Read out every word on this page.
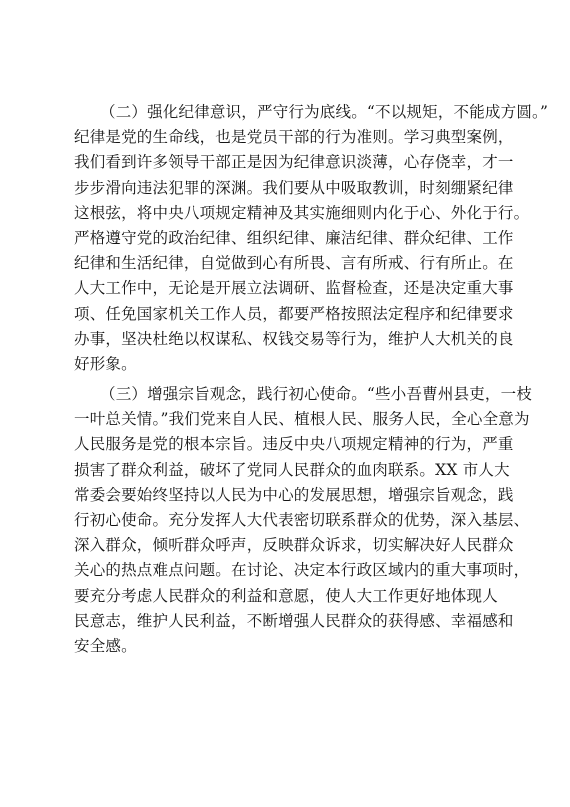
（二）强化纪律意识，严守行为底线。“不以规矩，不能成方圆。”
纪律是党的生命线，也是党员干部的行为准则。学习典型案例，
我们看到许多领导干部正是因为纪律意识淡薄，心存侥幸，才一
步步滑向违法犯罪的深渊。我们要从中吸取教训，时刻绷紧纪律
这根弦，将中央八项规定精神及其实施细则内化于心、外化于行。
严格遵守党的政治纪律、组织纪律、廉洁纪律、群众纪律、工作
纪律和生活纪律，自觉做到心有所畏、言有所戒、行有所止。在
人大工作中，无论是开展立法调研、监督检查，还是决定重大事
项、任免国家机关工作人员，都要严格按照法定程序和纪律要求
办事，坚决杜绝以权谋私、权钱交易等行为，维护人大机关的良
好形象。
（三）增强宗旨观念，践行初心使命。“些小吾曹州县吏，一枝
一叶总关情。”我们党来自人民、植根人民、服务人民，全心全意为
人民服务是党的根本宗旨。违反中央八项规定精神的行为，严重
损害了群众利益，破坏了党同人民群众的血肉联系。XX 市人大
常委会要始终坚持以人民为中心的发展思想，增强宗旨观念，践
行初心使命。充分发挥人大代表密切联系群众的优势，深入基层、
深入群众，倾听群众呼声，反映群众诉求，切实解决好人民群众
关心的热点难点问题。在讨论、决定本行政区域内的重大事项时，
要充分考虑人民群众的利益和意愿，使人大工作更好地体现人
民意志，维护人民利益，不断增强人民群众的获得感、幸福感和
安全感。
